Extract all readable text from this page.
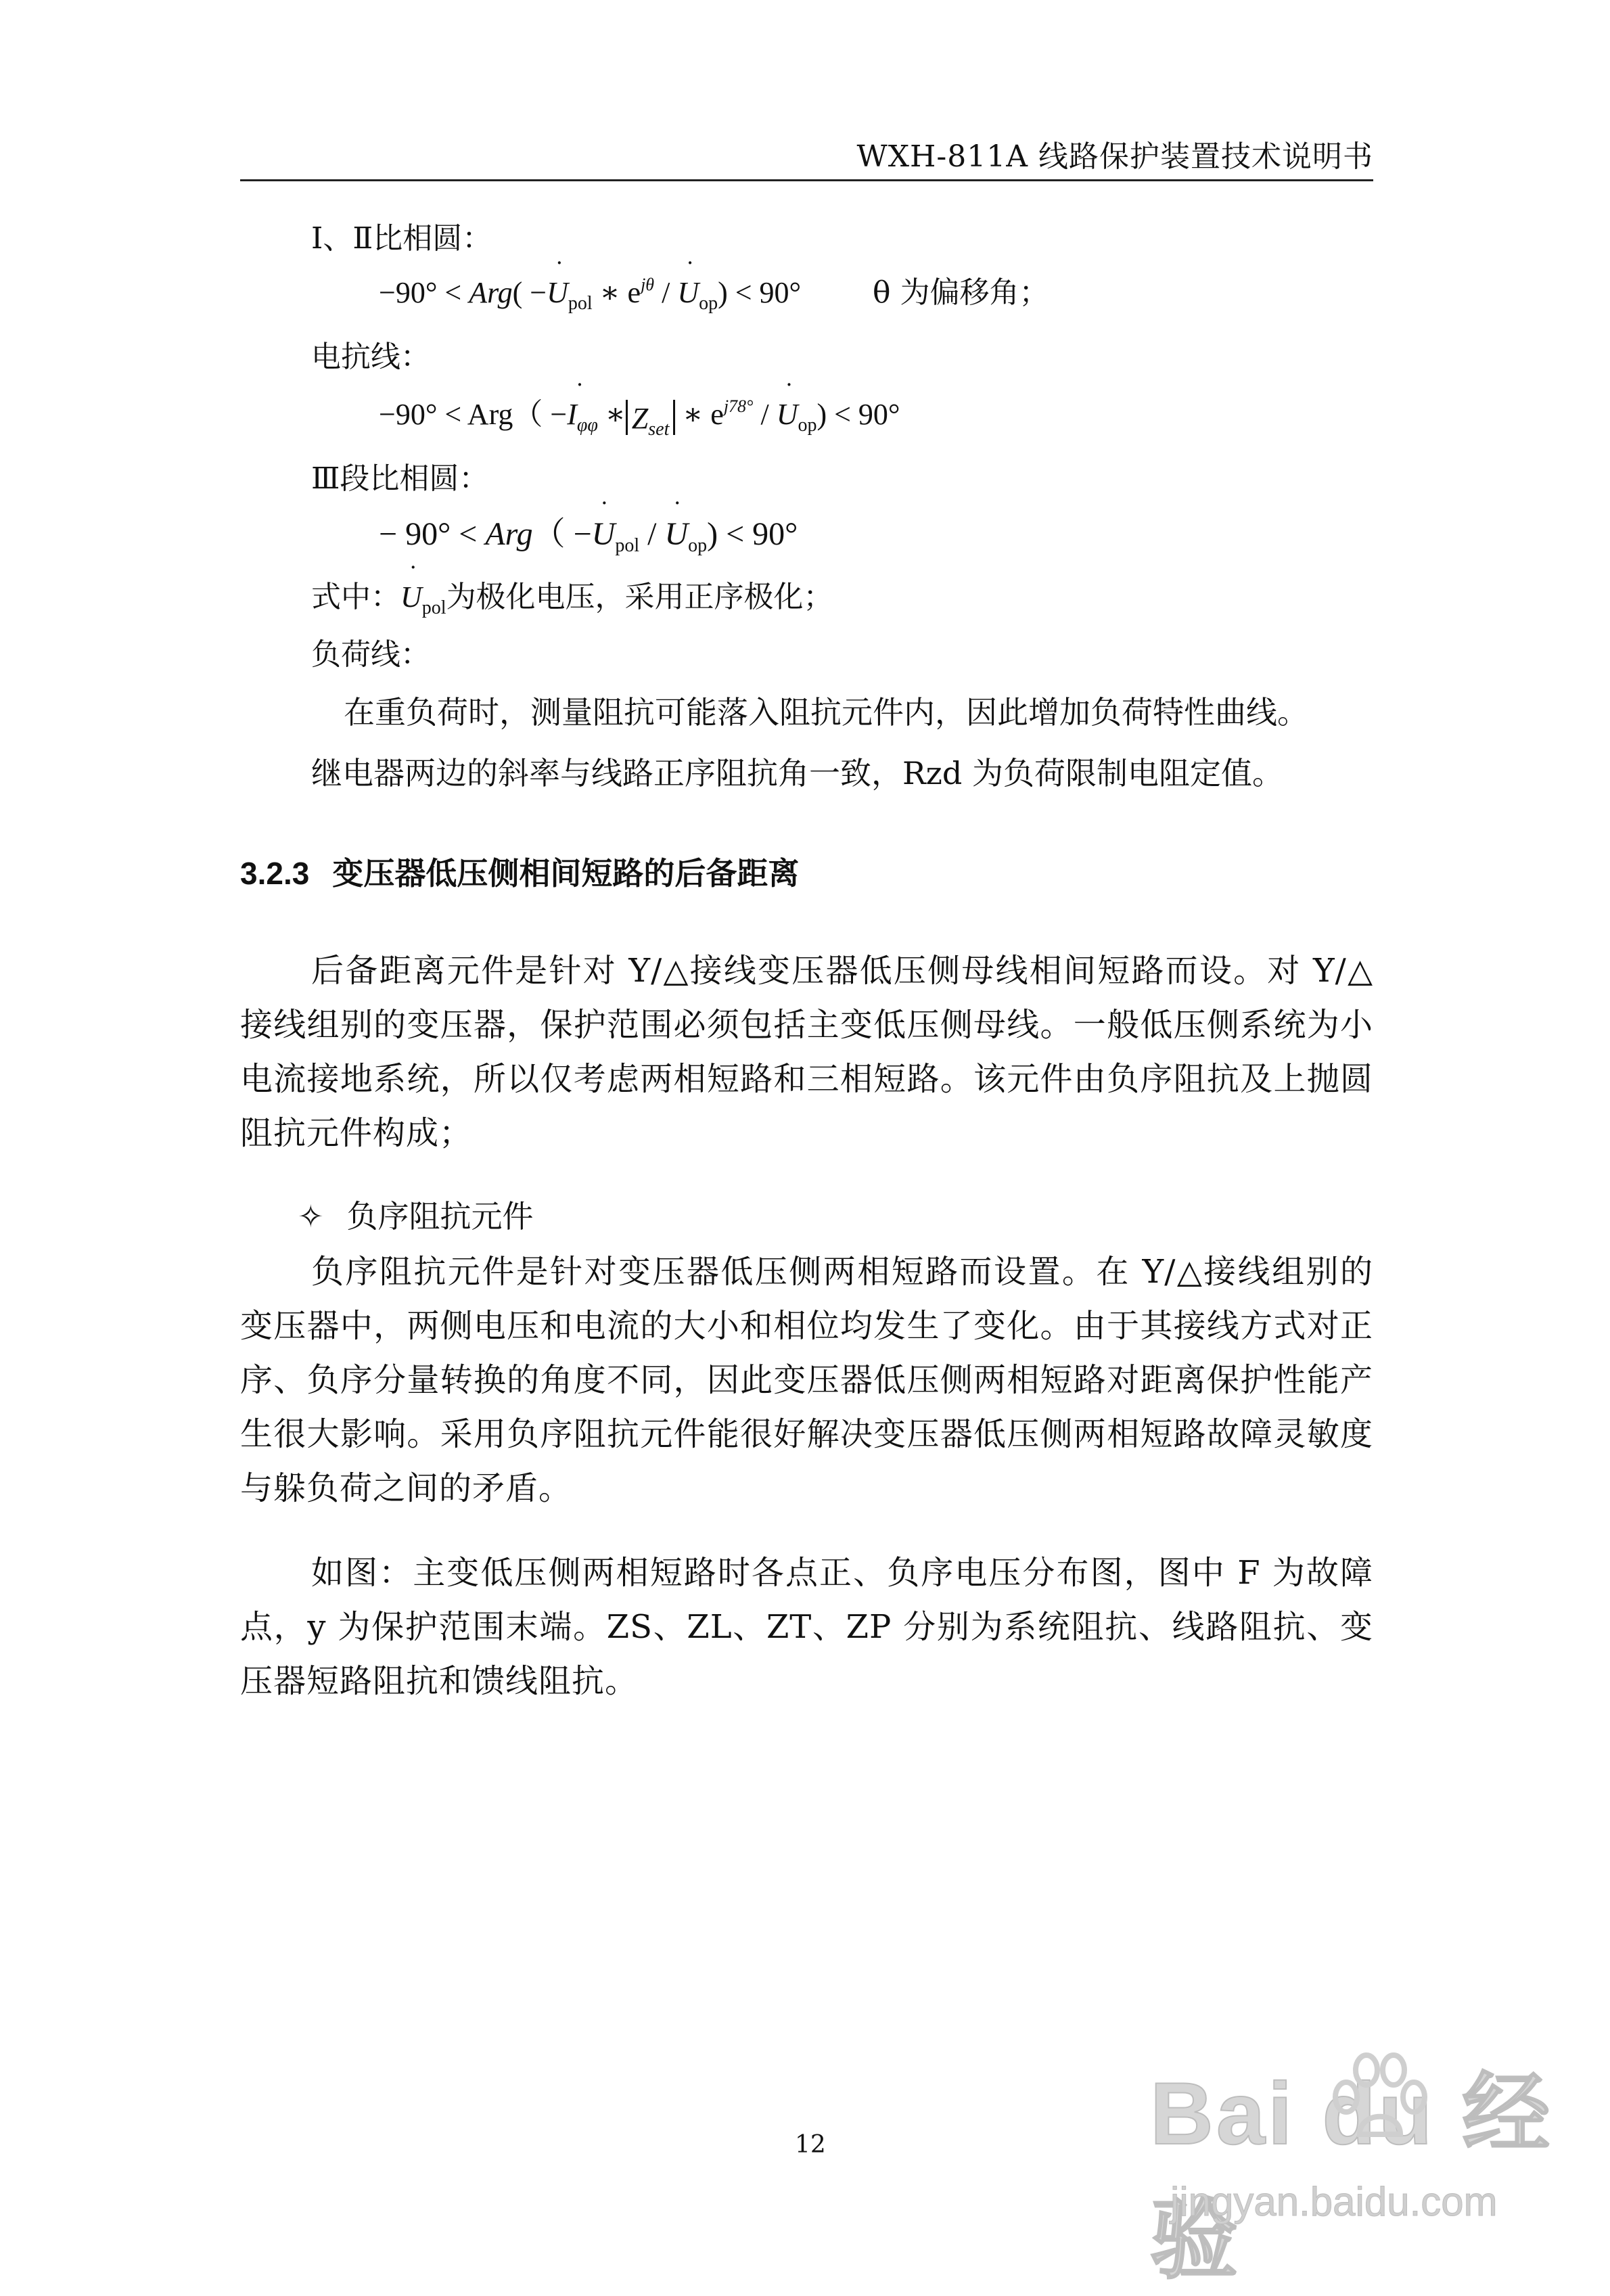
WXH-811A 线路保护装置技术说明书
Ⅰ、Ⅱ比相圆：
−90° < Arg( −˙ $U_{pol}$ ∗ $e^{j\theta}$ / ˙ $U_{op}) < 90^\circ$ θ 为偏移角；
电抗线：
−90° < Arg（ −˙ $I_{\varphi\varphi}$ ∗ $Z_{set}$ ∗ $e^{j78^\circ}$ / ˙ $U_{op}) < 90^\circ$
Ⅲ段比相圆：
− 90° < Arg（ −˙ $U_{pol}$ / ˙ $U_{op}) < 90^\circ$
式中：˙ $U_{pol}$为极化电压，采用正序极化；
负荷线：
在重负荷时，测量阻抗可能落入阻抗元件内，因此增加负荷特性曲线。
继电器两边的斜率与线路正序阻抗角一致，Rzd 为负荷限制电阻定值。
3.2.3 变压器低压侧相间短路的后备距离
后备距离元件是针对 Y/△接线变压器低压侧母线相间短路而设。对 Y/△接线组别的变压器，保护范围必须包括主变低压侧母线。一般低压侧系统为小电流接地系统，所以仅考虑两相短路和三相短路。该元件由负序阻抗及上抛圆阻抗元件构成；
✧ 负序阻抗元件
负序阻抗元件是针对变压器低压侧两相短路而设置。在 Y/△接线组别的变压器中，两侧电压和电流的大小和相位均发生了变化。由于其接线方式对正序、负序分量转换的角度不同，因此变压器低压侧两相短路对距离保护性能产生很大影响。采用负序阻抗元件能很好解决变压器低压侧两相短路故障灵敏度与躲负荷之间的矛盾。
如图：主变低压侧两相短路时各点正、负序电压分布图，图中 F 为故障点，y 为保护范围末端。ZS、ZL、ZT、ZP 分别为系统阻抗、线路阻抗、变压器短路阻抗和馈线阻抗。
12	Bai du 经验
jingyan.baidu.com
